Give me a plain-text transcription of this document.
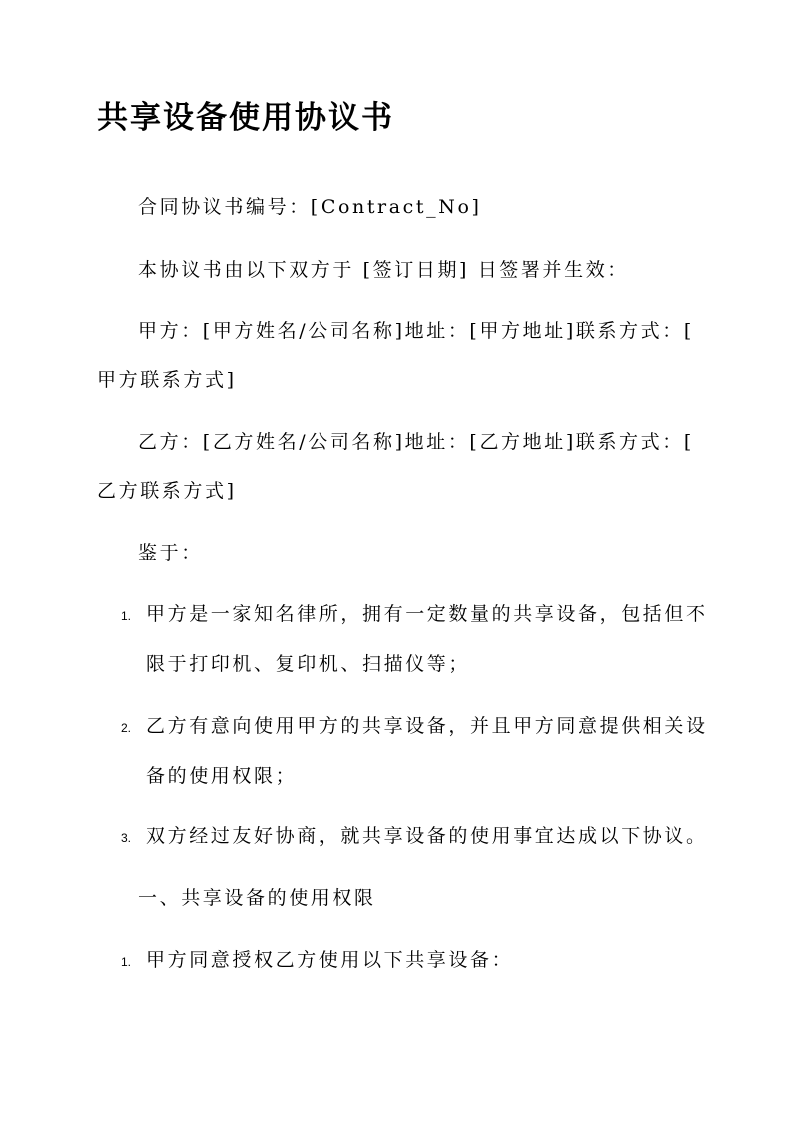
共享设备使用协议书
合同协议书编号：[Contract_No]
本协议书由以下双方于 [签订日期] 日签署并生效：
甲方：[甲方姓名/公司名称]地址：[甲方地址]联系方式：[
甲方联系方式]
乙方：[乙方姓名/公司名称]地址：[乙方地址]联系方式：[
乙方联系方式]
鉴于：
1. 甲方是一家知名律所，拥有一定数量的共享设备，包括但不
限于打印机、复印机、扫描仪等；
2. 乙方有意向使用甲方的共享设备，并且甲方同意提供相关设
备的使用权限；
3. 双方经过友好协商，就共享设备的使用事宜达成以下协议。
一、共享设备的使用权限
1. 甲方同意授权乙方使用以下共享设备：
